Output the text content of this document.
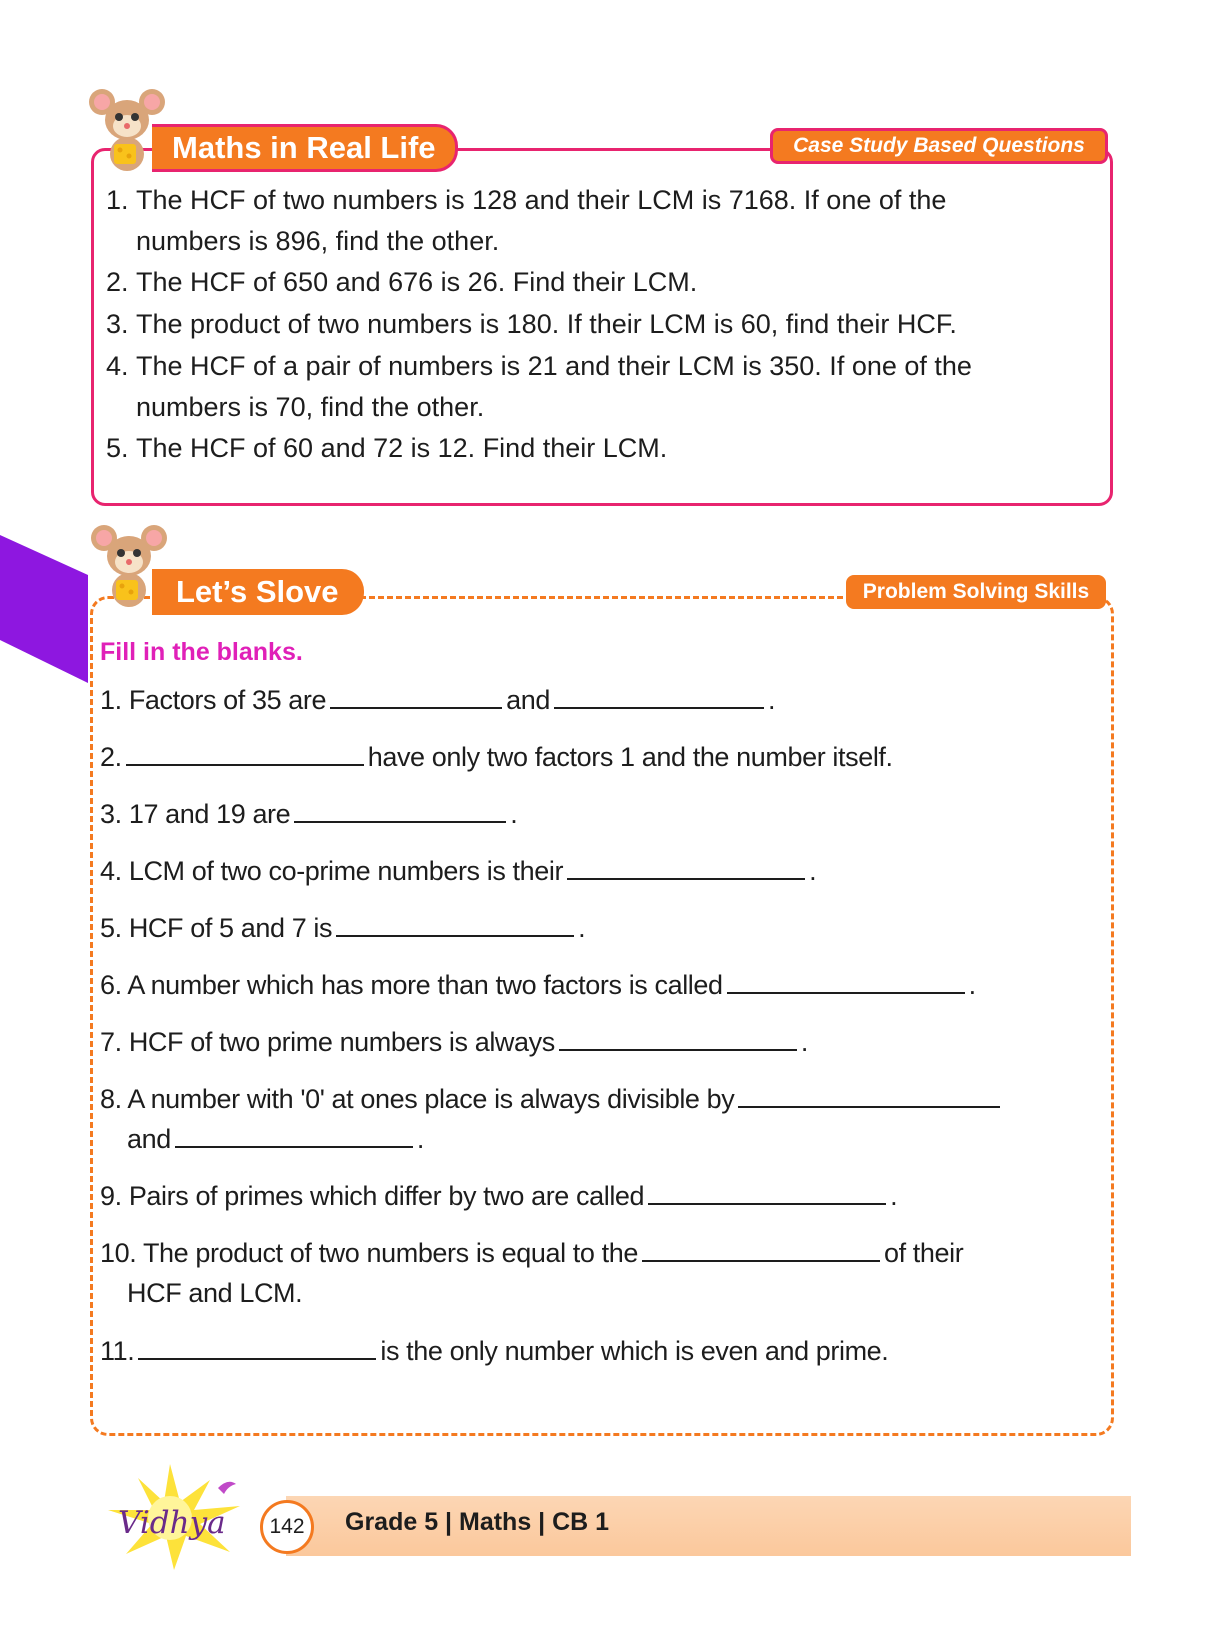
Maths in Real Life	Case Study Based Questions
1. The HCF of two numbers is 128 and their LCM is 7168. If one of the
numbers is 896, find the other.
2. The HCF of 650 and 676 is 26. Find their LCM.
3. The product of two numbers is 180. If their LCM is 60, find their HCF.
4. The HCF of a pair of numbers is 21 and their LCM is 350. If one of the
numbers is 70, find the other.
5. The HCF of 60 and 72 is 12. Find their LCM.
Let’s Slove	Problem Solving Skills
Fill in the blanks.
1. Factors of 35 are	and	.
2.	have only two factors 1 and the number itself.
3. 17 and 19 are	.
4. LCM of two co-prime numbers is their	.
5. HCF of 5 and 7 is	.
6. A number which has more than two factors is called	.
7. HCF of two prime numbers is always	.
8. A number with '0' at ones place is always divisible by
and	.
9. Pairs of primes which differ by two are called	.
10. The product of two numbers is equal to the	of their
HCF and LCM.
11.	is the only number which is even and prime.
Vidhya	142	Grade 5 | Maths | CB 1
